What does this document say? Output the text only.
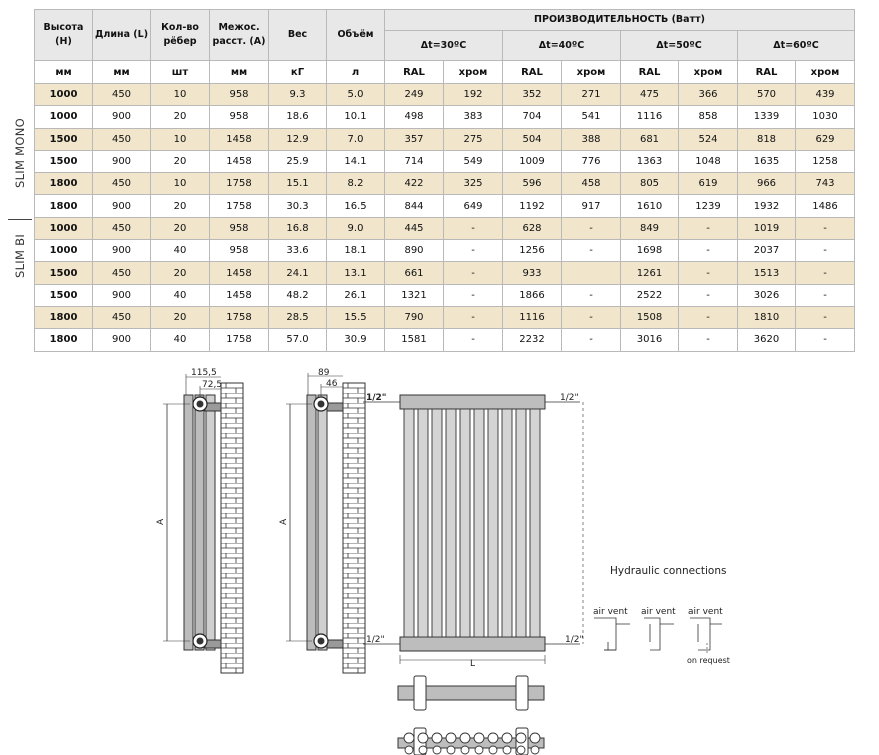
SLIM MONO
SLIM BI
Высота (H)	Длина (L)	Кол-во рёбер	Межос. расст. (A)	Вес	Объём	ПРОИЗВОДИТЕЛЬНОСТЬ (Ватт)							
						Δt=30ºC		Δt=40ºC		Δt=50ºC		Δt=60ºC	
мм	мм	шт	мм	кГ	л	RAL	хром	RAL	хром	RAL	хром	RAL	хром
1000	450	10	958	9.3	5.0	249	192	352	271	475	366	570	439
1000	900	20	958	18.6	10.1	498	383	704	541	1116	858	1339	1030
1500	450	10	1458	12.9	7.0	357	275	504	388	681	524	818	629
1500	900	20	1458	25.9	14.1	714	549	1009	776	1363	1048	1635	1258
1800	450	10	1758	15.1	8.2	422	325	596	458	805	619	966	743
1800	900	20	1758	30.3	16.5	844	649	1192	917	1610	1239	1932	1486
1000	450	20	958	16.8	9.0	445	-	628	-	849	-	1019	-
1000	900	40	958	33.6	18.1	890	-	1256	-	1698	-	2037	-
1500	450	20	1458	24.1	13.1	661	-	933		1261	-	1513	-
1500	900	40	1458	48.2	26.1	1321	-	1866	-	2522	-	3026	-
1800	450	20	1758	28.5	15.5	790	-	1116	-	1508	-	1810	-
1800	900	40	1758	57.0	30.9	1581	-	2232	-	3016	-	3620	-
A
115,5
72,5
A
89
46
1/2"	1/2"
1/2"	1/2"
L
Hydraulic connections
air vent air vent air vent
on request
